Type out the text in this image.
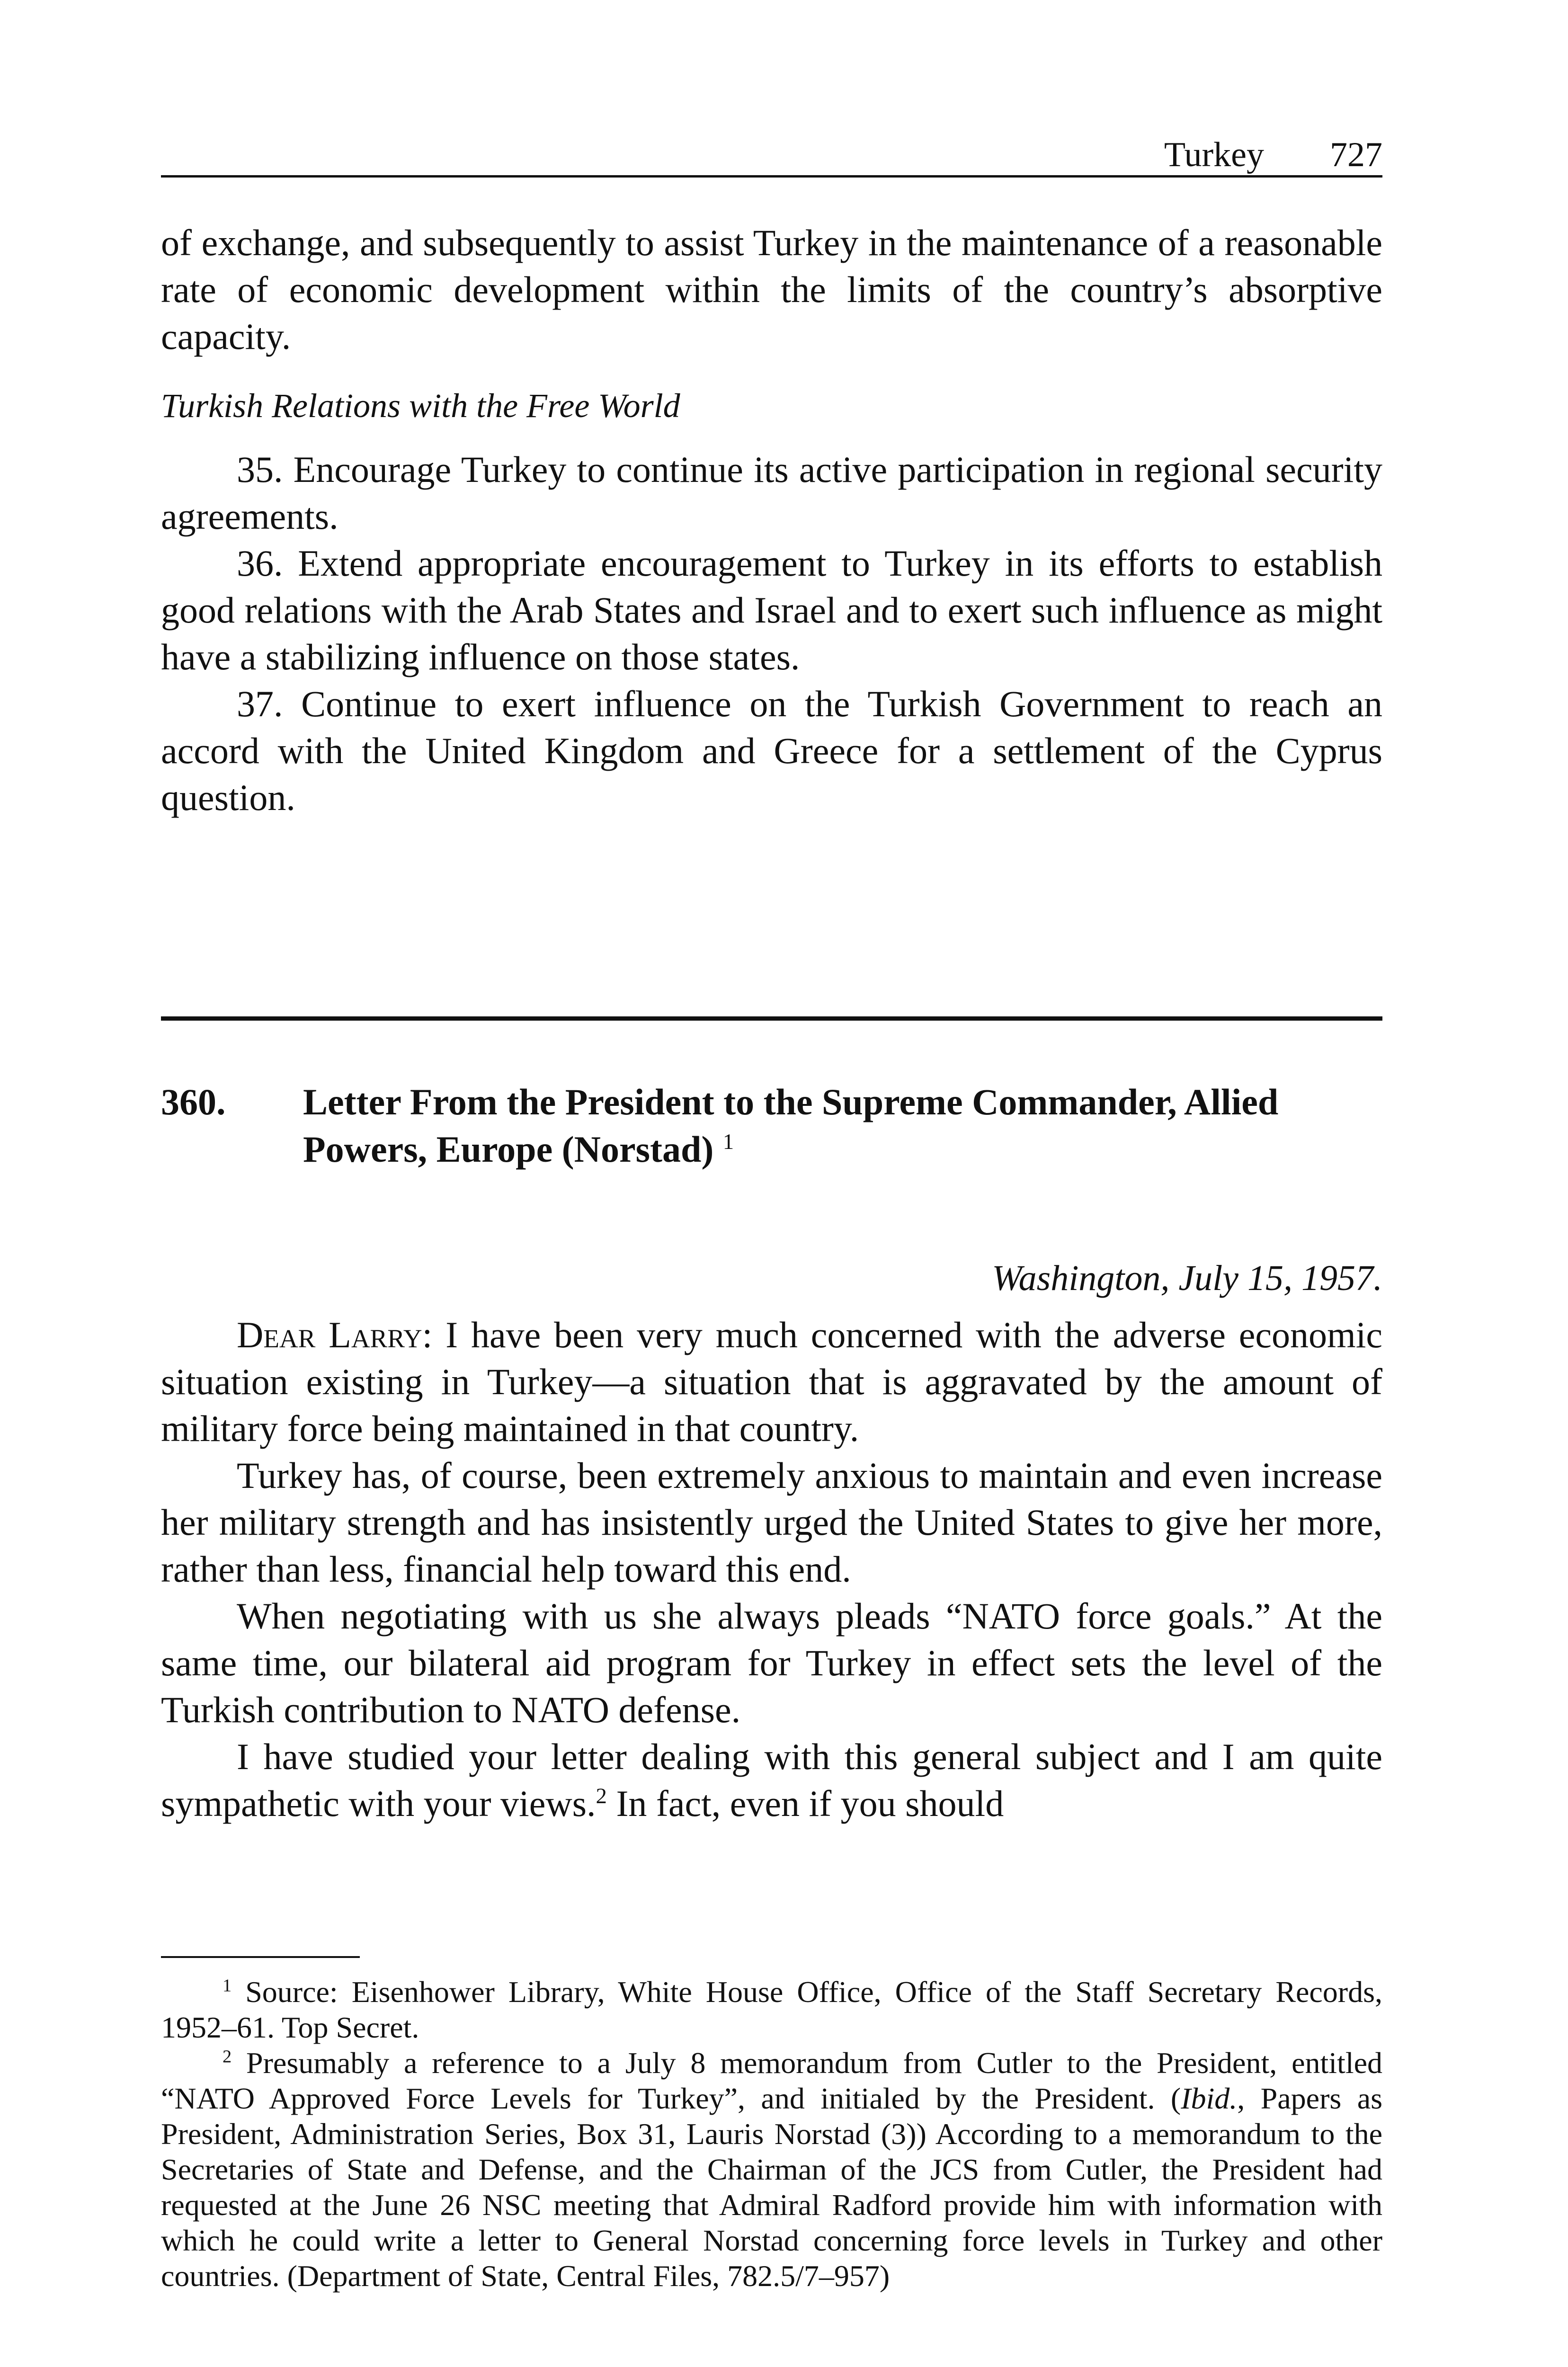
Turkey 727

of exchange, and subsequently to assist Turkey in the maintenance of a reasonable rate of economic development within the limits of the country’s absorptive capacity.

Turkish Relations with the Free World

35. Encourage Turkey to continue its active participation in regional security agreements.

36. Extend appropriate encouragement to Turkey in its efforts to establish good relations with the Arab States and Israel and to exert such influence as might have a stabilizing influence on those states.

37. Continue to exert influence on the Turkish Government to reach an accord with the United Kingdom and Greece for a settlement of the Cyprus question.

360.	Letter From the President to the Supreme Commander, Allied Powers, Europe (Norstad) $^1$
Washington, July 15, 1957.

Dear Larry: I have been very much concerned with the adverse economic situation existing in Turkey—a situation that is aggravated by the amount of military force being maintained in that country.

Turkey has, of course, been extremely anxious to maintain and even increase her military strength and has insistently urged the United States to give her more, rather than less, financial help toward this end.

When negotiating with us she always pleads “NATO force goals.” At the same time, our bilateral aid program for Turkey in effect sets the level of the Turkish contribution to NATO defense.

I have studied your letter dealing with this general subject and I am quite sympathetic with your views.$^2$ In fact, even if you should

$^1$ Source: Eisenhower Library, White House Office, Office of the Staff Secretary Records, 1952–61. Top Secret.

$^2$ Presumably a reference to a July 8 memorandum from Cutler to the President, entitled “NATO Approved Force Levels for Turkey”, and initialed by the President. (Ibid., Papers as President, Administration Series, Box 31, Lauris Norstad (3)) According to a memorandum to the Secretaries of State and Defense, and the Chairman of the JCS from Cutler, the President had requested at the June 26 NSC meeting that Admiral Radford provide him with information with which he could write a letter to General Norstad concerning force levels in Turkey and other countries. (Department of State, Central Files, 782.5/7–957)
